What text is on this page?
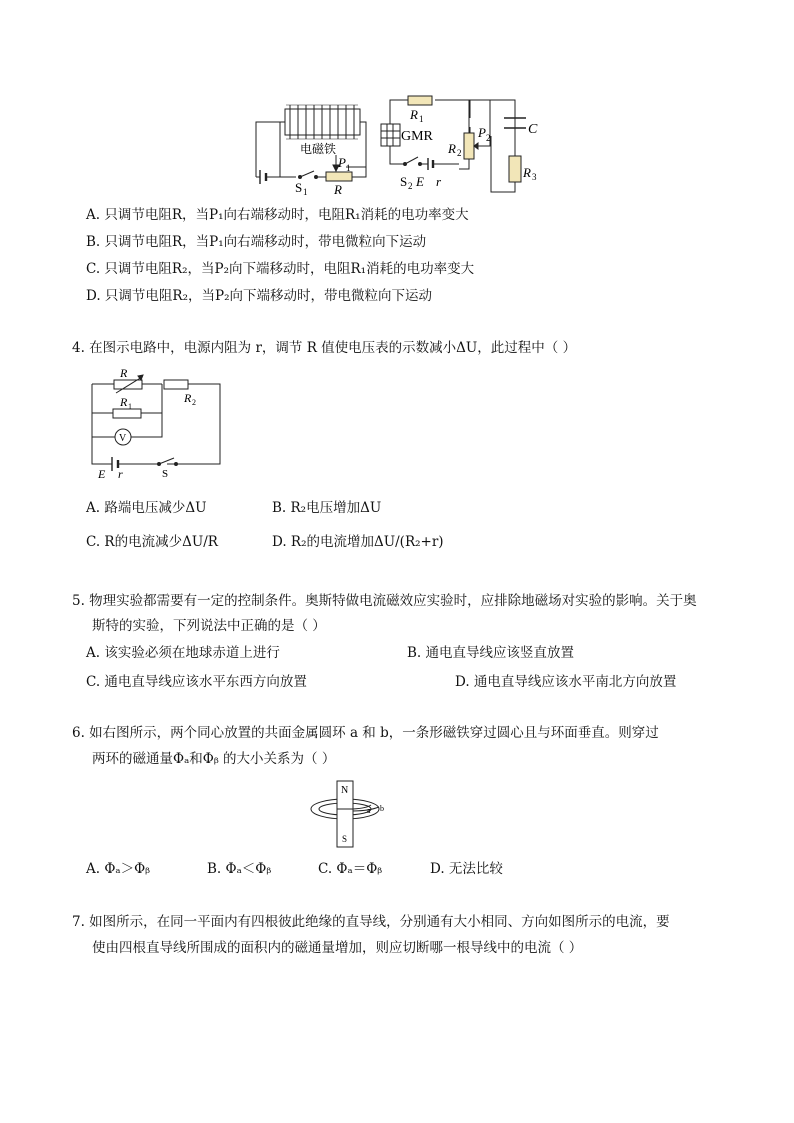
电磁铁
R 1
GMR	P 2
C
R 2
R 3
P 1
R
S 1
S 2 E r
A. 只调节电阻R，当P₁向右端移动时，电阻R₁消耗的电功率变大
B. 只调节电阻R，当P₁向右端移动时，带电微粒向下运动
C. 只调节电阻R₂，当P₂向下端移动时，电阻R₁消耗的电功率变大
D. 只调节电阻R₂，当P₂向下端移动时，带电微粒向下运动
4. 在图示电路中，电源内阻为 r，调节 R 值使电压表的示数减小ΔU，此过程中（ ）
R
R 1
R 2
V
E r	S
A. 路端电压减少ΔU	B. R₂电压增加ΔU
C. R的电流减少ΔU/R	D. R₂的电流增加ΔU/(R₂+r)
5. 物理实验都需要有一定的控制条件。奥斯特做电流磁效应实验时，应排除地磁场对实验的影响。关于奥
斯特的实验，下列说法中正确的是（ ）
A. 该实验必须在地球赤道上进行	B. 通电直导线应该竖直放置
C. 通电直导线应该水平东西方向放置	D. 通电直导线应该水平南北方向放置
6. 如右图所示，两个同心放置的共面金属圆环 a 和 b，一条形磁铁穿过圆心且与环面垂直。则穿过
两环的磁通量Φₐ和Φᵦ 的大小关系为（ ）
N
S
a b
A. Φₐ＞Φᵦ	B. Φₐ＜Φᵦ	C. Φₐ＝Φᵦ	D. 无法比较
7. 如图所示，在同一平面内有四根彼此绝缘的直导线，分别通有大小相同、方向如图所示的电流，要
使由四根直导线所围成的面积内的磁通量增加，则应切断哪一根导线中的电流（ ）
